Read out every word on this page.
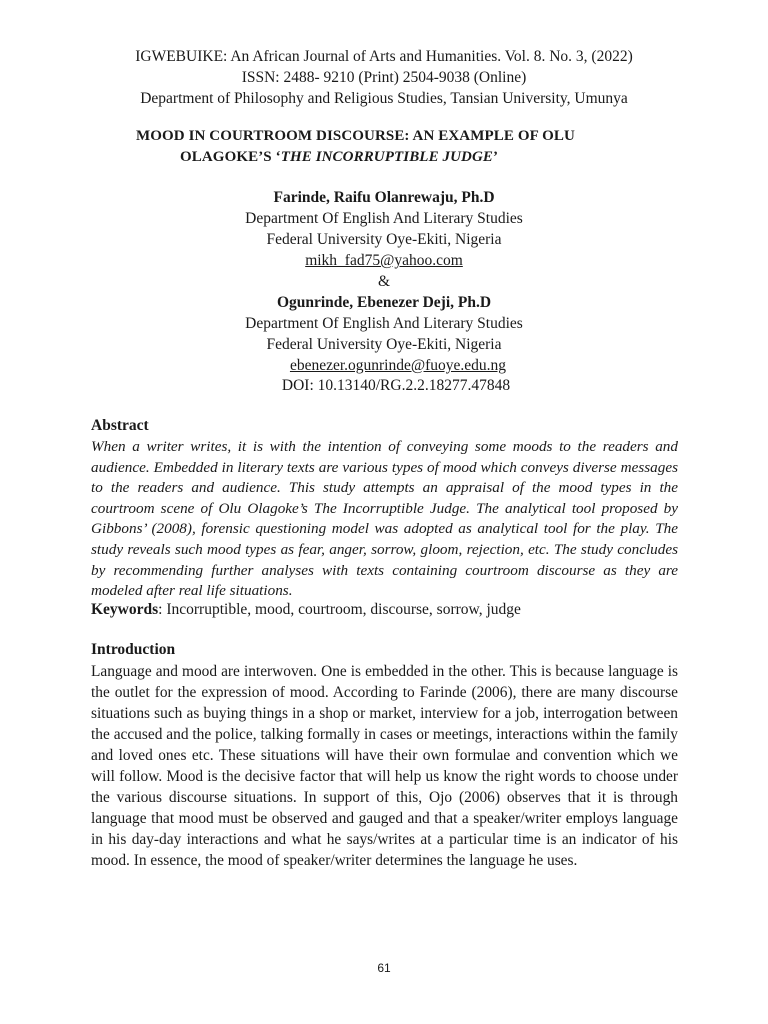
IGWEBUIKE: An African Journal of Arts and Humanities. Vol. 8. No. 3, (2022)
ISSN: 2488- 9210 (Print) 2504-9038 (Online)
Department of Philosophy and Religious Studies, Tansian University, Umunya
MOOD IN COURTROOM DISCOURSE: AN EXAMPLE OF OLU
OLAGOKE’S ‘THE INCORRUPTIBLE JUDGE’
Farinde, Raifu Olanrewaju, Ph.D
Department Of English And Literary Studies
Federal University Oye-Ekiti, Nigeria
mikh_fad75@yahoo.com
&
Ogunrinde, Ebenezer Deji, Ph.D
Department Of English And Literary Studies
Federal University Oye-Ekiti, Nigeria
ebenezer.ogunrinde@fuoye.edu.ng
DOI: 10.13140/RG.2.2.18277.47848
Abstract
When a writer writes, it is with the intention of conveying some moods to the readers and audience. Embedded in literary texts are various types of mood which conveys diverse messages to the readers and audience. This study attempts an appraisal of the mood types in the courtroom scene of Olu Olagoke’s The Incorruptible Judge. The analytical tool proposed by Gibbons’ (2008), forensic questioning model was adopted as analytical tool for the play. The study reveals such mood types as fear, anger, sorrow, gloom, rejection, etc. The study concludes by recommending further analyses with texts containing courtroom discourse as they are modeled after real life situations.
Keywords: Incorruptible, mood, courtroom, discourse, sorrow, judge
Introduction
Language and mood are interwoven. One is embedded in the other. This is because language is the outlet for the expression of mood. According to Farinde (2006), there are many discourse situations such as buying things in a shop or market, interview for a job, interrogation between the accused and the police, talking formally in cases or meetings, interactions within the family and loved ones etc. These situations will have their own formulae and convention which we will follow. Mood is the decisive factor that will help us know the right words to choose under the various discourse situations. In support of this, Ojo (2006) observes that it is through language that mood must be observed and gauged and that a speaker/writer employs language in his day-day interactions and what he says/writes at a particular time is an indicator of his mood. In essence, the mood of speaker/writer determines the language he uses.
61
